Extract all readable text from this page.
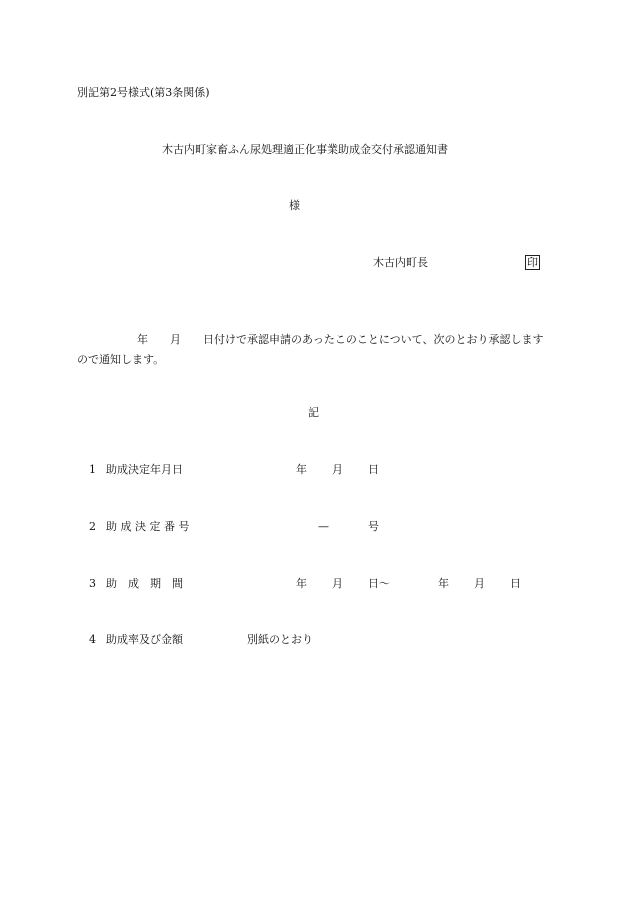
別記第2号様式(第3条関係)
木古内町家畜ふん尿処理適正化事業助成金交付承認通知書
様
木古内町長	印
年 月 日付けで承認申請のあったこのことについて、次のとおり承認しますので通知します。
記
1 助成決定年月日	年 月 日
2 助 成 決 定 番 号	—	号
3 助　成　期　間	年 月 日〜	年 月 日
4 助成率及び金額	別紙のとおり
